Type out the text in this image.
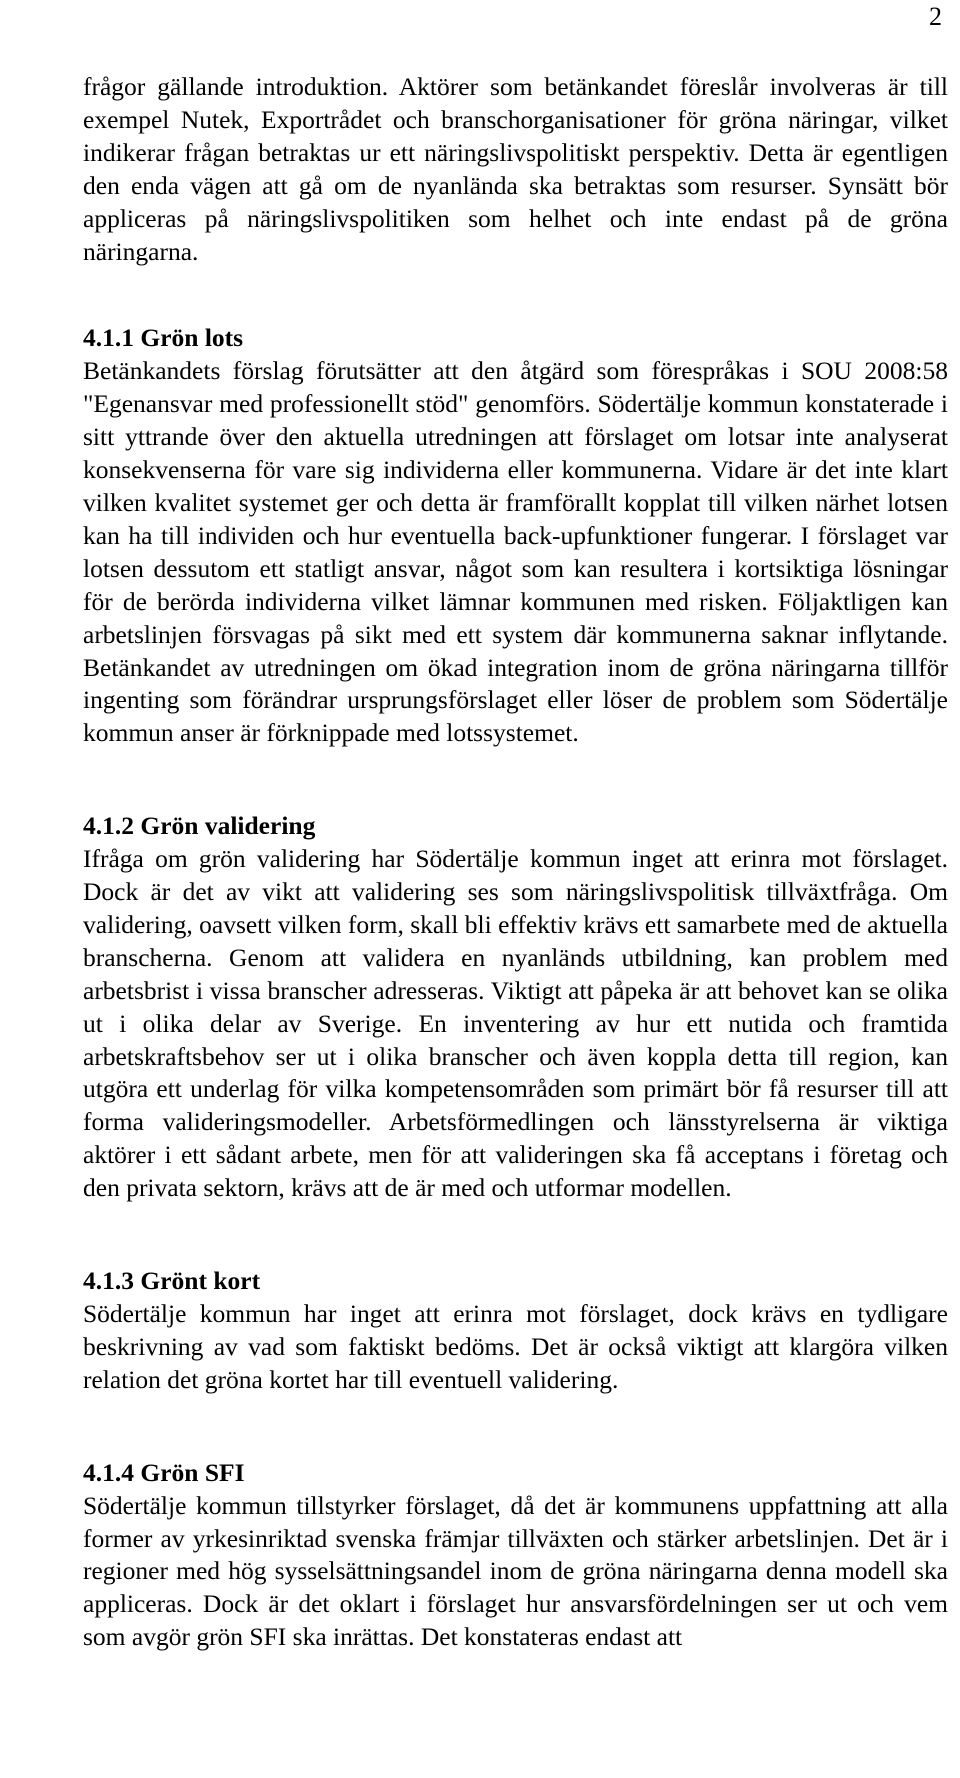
2

frågor gällande introduktion. Aktörer som betänkandet föreslår involveras är till exempel Nutek, Exportrådet och branschorganisationer för gröna näringar, vilket indikerar frågan betraktas ur ett näringslivspolitiskt perspektiv. Detta är egentligen den enda vägen att gå om de nyanlända ska betraktas som resurser. Synsätt bör appliceras på näringslivspolitiken som helhet och inte endast på de gröna näringarna.

4.1.1 Grön lots

Betänkandets förslag förutsätter att den åtgärd som förespråkas i SOU 2008:58 "Egenansvar med professionellt stöd" genomförs. Södertälje kommun konstaterade i sitt yttrande över den aktuella utredningen att förslaget om lotsar inte analyserat konsekvenserna för vare sig individerna eller kommunerna. Vidare är det inte klart vilken kvalitet systemet ger och detta är framförallt kopplat till vilken närhet lotsen kan ha till individen och hur eventuella back-upfunktioner fungerar. I förslaget var lotsen dessutom ett statligt ansvar, något som kan resultera i kortsiktiga lösningar för de berörda individerna vilket lämnar kommunen med risken. Följaktligen kan arbetslinjen försvagas på sikt med ett system där kommunerna saknar inflytande. Betänkandet av utredningen om ökad integration inom de gröna näringarna tillför ingenting som förändrar ursprungsförslaget eller löser de problem som Södertälje kommun anser är förknippade med lotssystemet.

4.1.2 Grön validering

Ifråga om grön validering har Södertälje kommun inget att erinra mot förslaget. Dock är det av vikt att validering ses som näringslivspolitisk tillväxtfråga. Om validering, oavsett vilken form, skall bli effektiv krävs ett samarbete med de aktuella branscherna. Genom att validera en nyanländs utbildning, kan problem med arbetsbrist i vissa branscher adresseras. Viktigt att påpeka är att behovet kan se olika ut i olika delar av Sverige. En inventering av hur ett nutida och framtida arbetskraftsbehov ser ut i olika branscher och även koppla detta till region, kan utgöra ett underlag för vilka kompetensområden som primärt bör få resurser till att forma valideringsmodeller. Arbetsförmedlingen och länsstyrelserna är viktiga aktörer i ett sådant arbete, men för att valideringen ska få acceptans i företag och den privata sektorn, krävs att de är med och utformar modellen.

4.1.3 Grönt kort

Södertälje kommun har inget att erinra mot förslaget, dock krävs en tydligare beskrivning av vad som faktiskt bedöms. Det är också viktigt att klargöra vilken relation det gröna kortet har till eventuell validering.

4.1.4 Grön SFI

Södertälje kommun tillstyrker förslaget, då det är kommunens uppfattning att alla former av yrkesinriktad svenska främjar tillväxten och stärker arbetslinjen. Det är i regioner med hög sysselsättningsandel inom de gröna näringarna denna modell ska appliceras. Dock är det oklart i förslaget hur ansvarsfördelningen ser ut och vem som avgör grön SFI ska inrättas. Det konstateras endast att
